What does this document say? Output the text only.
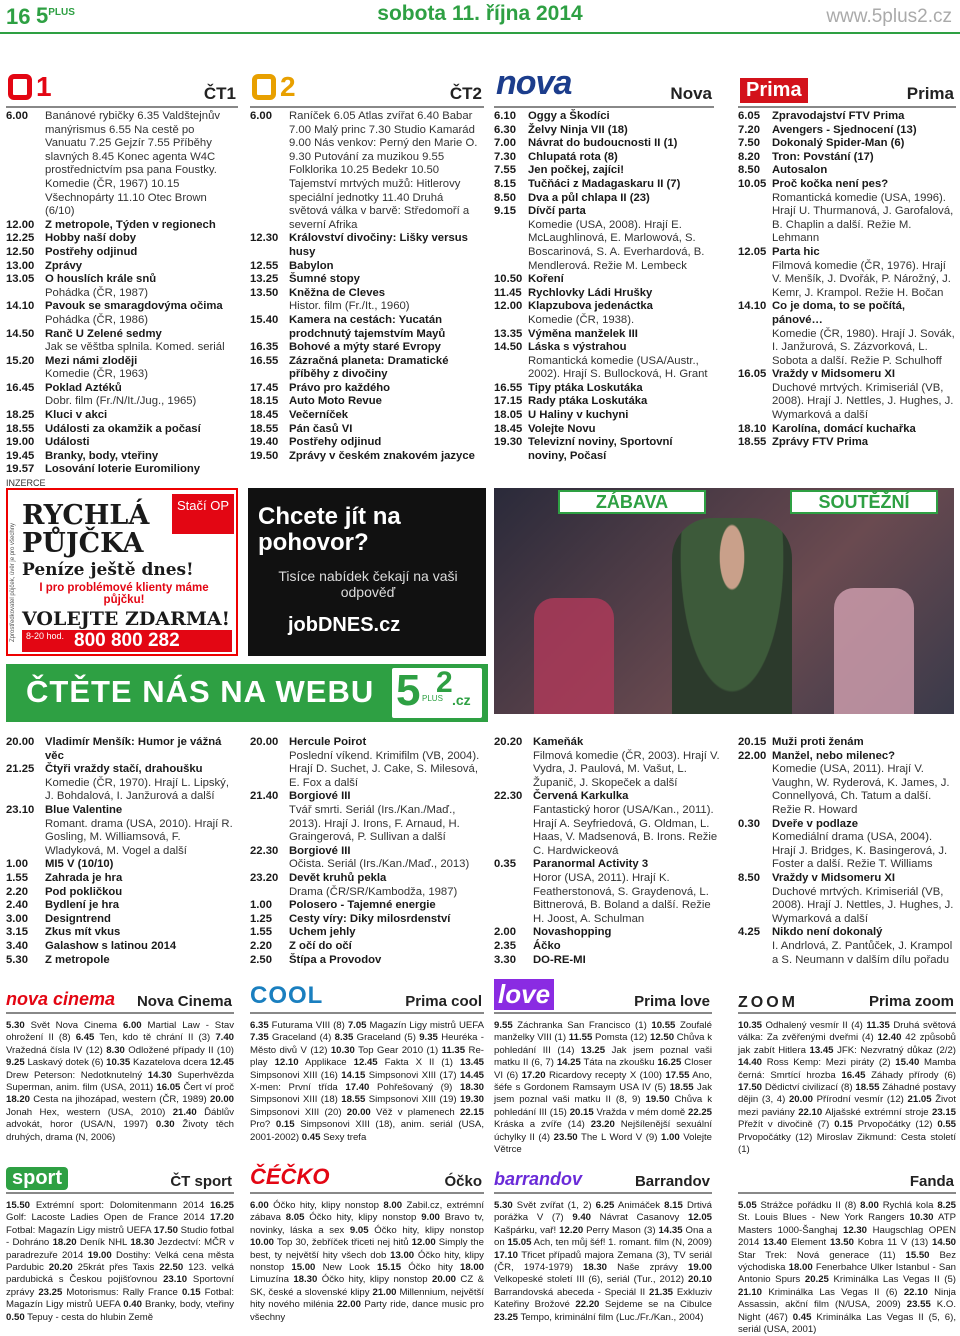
16 $5^{PLUS}$	sobota 11. října 2014	www.5plus2.cz
1	ČT1
6.00	Banánové rybičky 6.35 Valdštejnův manýrismus 6.55 Na cestě po Vanuatu 7.25 Gejzír 7.55 Příběhy slavných 8.45 Konec agenta W4C prostřednictvím psa pana Foustky. Komedie (ČR, 1967) 10.15 Všechnopárty 11.10 Otec Brown (6/10)
12.00 Z metropole, Týden v regionech
12.25 Hobby naší doby
12.50 Postřehy odjinud
13.00 Zprávy
13.05 O houslích krále snů
Pohádka (ČR, 1987)
14.10 Pavouk se smaragdovýma očima
Pohádka (ČR, 1986)
14.50 Ranč U Zelené sedmy
Jak se věštba splnila. Komed. seriál
15.20 Mezi námi zloději
Komedie (ČR, 1963)
16.45 Poklad Aztéků
Dobr. film (Fr./N/It./Jug., 1965)
18.25 Kluci v akci
18.55 Události za okamžik a počasí
19.00 Události
19.45 Branky, body, vteřiny
19.57 Losování loterie Euromiliony
2	ČT2
6.00	Raníček 6.05 Atlas zvířat 6.40 Babar 7.00 Malý princ 7.30 Studio Kamarád 9.00 Nás venkov: Perný den Marie O. 9.30 Putování za muzikou 9.55 Folklorika 10.25 Bedekr 10.50 Tajemství mrtvých mužů: Hitlerovy speciální jednotky 11.40 Druhá světová válka v barvě: Středomoří a severní Afrika
12.30 Království divočiny: Lišky versus husy
12.55 Babylon
13.25 Šumné stopy
13.50 Kněžna de Cleves
Histor. film (Fr./It., 1960)
15.40 Kamera na cestách: Yucatán prodchnutý tajemstvím Mayů
16.35 Bohové a mýty staré Evropy
16.55 Zázračná planeta: Dramatické příběhy z divočiny
17.45 Právo pro každého
18.15 Auto Moto Revue
18.45 Večerníček
18.55 Pán časů VI
19.40 Postřehy odjinud
19.50 Zprávy v českém znakovém jazyce
nova	Nova
6.10	Oggy a Škodíci
6.30	Želvy Ninja VII (18)
7.00	Návrat do budoucnosti II (1)
7.30	Chlupatá rota (8)
7.55	Jen počkej, zajíci!
8.15	Tučňáci z Madagaskaru II (7)
8.50	Dva a půl chlapa II (23)
9.15	Dívčí parta
Komedie (USA, 2008). Hrají E. McLaughlinová, E. Marlowová, S. Boscarinová, S. A. Everhardová, B. Mendlerová. Režie M. Lembeck
10.50 Koření
11.45 Rychlovky Ládi Hrušky
12.00 Klapzubova jedenáctka
Komedie (ČR, 1938).
13.35 Výměna manželek III
14.50 Láska s výstrahou
Romantická komedie (USA/Austr., 2002). Hrají S. Bullocková, H. Grant
16.55 Tipy ptáka Loskutáka
17.15 Rady ptáka Loskutáka
18.05 U Haliny v kuchyni
18.45 Volejte Novu
19.30 Televizní noviny, Sportovní noviny, Počasí
Prima	Prima
6.05	Zpravodajství FTV Prima
7.20	Avengers - Sjednocení (13)
7.50	Dokonalý Spider-Man (6)
8.20	Tron: Povstání (17)
8.50	Autosalon
10.05 Proč kočka není pes?
Romantická komedie (USA, 1996). Hrají U. Thurmanová, J. Garofalová, B. Chaplin a další. Režie M. Lehmann
12.05 Parta hic
Filmová komedie (ČR, 1976). Hrají V. Menšík, J. Dvořák, P. Nárožný, J. Kemr, J. Krampol. Režie H. Bočan
14.10 Co je doma, to se počítá, pánové…
Komedie (ČR, 1980). Hrají J. Sovák, I. Janžurová, S. Zázvorková, L. Sobota a další. Režie P. Schulhoff
16.05 Vraždy v Midsomeru XI
Duchové mrtvých. Krimiseriál (VB, 2008). Hrají J. Nettles, J. Hughes, J. Wymarková a další
18.10 Karolína, domácí kuchařka
18.55 Zprávy FTV Prima
INZERCE
Zprostředkovatel půjček, úvěr je pro všechny
RYCHLÁ
PŮJČKA
Stačí OP
Peníze ještě dnes!
I pro problémové klienty máme půjčku!
VOLEJTE ZDARMA!
8-20 hod. 800 800 282
Chcete jít na pohovor?
Tisíce nabídek čekají na vaši odpověď
jobDNES.cz
ZÁBAVA	SOUTĚŽNÍ
ČTĚTE NÁS NA WEBU 5 PLUS
2
.cz
20.00 Vladimír Menšík: Humor je vážná věc
21.25 Čtyři vraždy stačí, drahoušku
Komedie (ČR, 1970). Hrají L. Lipský, J. Bohdalová, I. Janžurová a další
23.10 Blue Valentine
Romant. drama (USA, 2010). Hrají R. Gosling, M. Williamsová, F. Wladyková, M. Vogel a další
1.00	MI5 V (10/10)
1.55	Zahrada je hra
2.20	Pod pokličkou
2.40	Bydlení je hra
3.00	Designtrend
3.15	Zkus mít vkus
3.40	Galashow s latinou 2014
5.30	Z metropole
20.00 Hercule Poirot
Poslední víkend. Krimifilm (VB, 2004). Hrají D. Suchet, J. Cake, S. Milesová, E. Fox a další
21.40 Borgiové III
Tvář smrti. Seriál (Irs./Kan./Maď., 2013). Hrají J. Irons, F. Arnaud, H. Graingerová, P. Sullivan a další
22.30 Borgiové III
Očista. Seriál (Irs./Kan./Maď., 2013)
23.20 Devět kruhů pekla
Drama (ČR/SR/Kambodža, 1987)
1.00	Polosero - Tajemné energie
1.25	Cesty víry: Diky milosrdenství
1.55	Uchem jehly
2.20	Z očí do očí
2.50	Štípa a Provodov
20.20 Kameňák
Filmová komedie (ČR, 2003). Hrají V. Vydra, J. Paulová, M. Vašut, L. Županič, J. Skopeček a další
22.30 Červená Karkulka
Fantastický horor (USA/Kan., 2011). Hrají A. Seyfriedová, G. Oldman, L. Haas, V. Madsenová, B. Irons. Režie C. Hardwickeová
0.35	Paranormal Activity 3
Horor (USA, 2011). Hrají K. Featherstonová, S. Graydenová, L. Bittnerová, B. Boland a další. Režie H. Joost, A. Schulman
2.00	Novashopping
2.35	Áčko
3.30	DO-RE-MI
20.15 Muži proti ženám
22.00 Manžel, nebo mileneс?
Komedie (USA, 2011). Hrají V. Vaughn, W. Ryderová, K. James, J. Connellyová, Ch. Tatum a další. Režie R. Howard
0.30	Dveře v podlaze
Komediální drama (USA, 2004). Hrají J. Bridges, K. Basingerová, J. Foster a další. Režie T. Williams
8.50	Vraždy v Midsomeru XI
Duchové mrtvých. Krimiseriál (VB, 2008). Hrají J. Nettles, J. Hughes, J. Wymarková a další
4.25	Nikdo není dokonalý
I. Andrlová, Z. Pantůček, J. Krampol a S. Neumann v dalším dílu pořadu
nova cinema Nova Cinema
5.30 Svět Nova Cinema 6.00 Martial Law - Stav ohrožení II (8) 6.45 Ten, kdo tě chrání II (3) 7.40 Vražedná čísla IV (12) 8.30 Odložené případy II (10) 9.25 Laskavý dotek (6) 10.35 Kazatelova dcera 12.45 Drew Peterson: Nedotknutelný 14.30 Superhvězda Superman, anim. film (USA, 2011) 16.05 Čert ví proč 18.20 Cesta na jihozápad, western (ČR, 1989) 20.00 Jonah Hex, western (USA, 2010) 21.40 Ďáblův advokát, horor (USA/N, 1997) 0.30 Životy těch druhých, drama (N, 2006)
COOL	Prima cool
6.35 Futurama VIII (8) 7.05 Magazín Ligy mistrů UEFA 7.35 Graceland (4) 8.35 Graceland (5) 9.35 Heuréka - Město divů V (12) 10.30 Top Gear 2010 (1) 11.35 Re-play 12.10 Applikace 12.45 Fakta X II (1) 13.45 Simpsonovi XIII (16) 14.15 Simpsonovi XIII (17) 14.45 X-men: První třída 17.40 Pohřešovaný (9) 18.30 Simpsonovi XIII (18) 18.55 Simpsonovi XIII (19) 19.30 Simpsonovi XIII (20) 20.00 Věž v plamenech 22.15 Pro? 0.15 Simpsonovi XIII (18), anim. seriál (USA, 2001-2002) 0.45 Sexy trefa
love	Prima love
9.55 Záchranka San Francisco (1) 10.55 Zoufalé manželky VIII (1) 11.55 Pomsta (12) 12.50 Chůva k pohledání III (14) 13.25 Jak jsem poznal vaši matku II (6, 7) 14.25 Táta na zkoušku 16.25 Closer VI (6) 17.20 Ricardovy recepty X (100) 17.55 Ano, šéfe s Gordonem Ramsaym USA IV (5) 18.55 Jak jsem poznal vaši matku II (8, 9) 19.50 Chůva k pohledání III (15) 20.15 Vražda v mém domě 22.25 Kráska a zvíře (14) 23.20 Nejšílenější sexuální úchylky II (4) 23.50 The L Word V (9) 1.00 Volejte Větrce
ZOOM	Prima zoom
10.35 Odhalený vesmír II (4) 11.35 Druhá světová válka: Za zvěřenými dveřmi (4) 12.40 42 způsobů jak zabít Hitlera 13.45 JFK: Nezvratný důkaz (2/2) 14.40 Ross Kemp: Mezi piráty (2) 15.40 Mamba černá: Smrtící hrozba 16.45 Záhady přírody (6) 17.50 Dědictví civilizací (8) 18.55 Záhadné postavy dějin (3, 4) 20.00 Přírodní vesmír (12) 21.05 Život mezi paviány 22.10 Aljašské extrémní stroje 23.15 Přežít v divočině (7) 0.15 Prvopočátky (12) 0.55 Prvopočátky (12) Miroslav Zikmund: Cesta století (1)
sport	ČT sport
15.50 Extrémní sport: Dolomitenmann 2014 16.25 Golf: Lacoste Ladies Open de France 2014 17.20 Fotbal: Magazín Ligy mistrů UEFA 17.50 Studio fotbal - Dohráno 18.20 Deník NHL 18.30 Jezdectví: MČR v paradrezuře 2014 19.00 Dostihy: Velká cena města Pardubic 20.20 25krát přes Taxis 22.50 123. velká pardubická s Českou pojišťovnou 23.10 Sportovní zprávy 23.25 Motorismus: Rally France 0.15 Fotbal: Magazín Ligy mistrů UEFA 0.40 Branky, body, vteřiny 0.50 Tepuy - cesta do hlubin Země
ČÉČKO	Óčko
6.00 Óčko hity, klipy nonstop 8.00 Zabil.cz, extrémní zábava 8.05 Óčko hity, klipy nonstop 9.00 Bravo tv, novinky, láska a sex 9.05 Óčko hity, klipy nonstop 10.00 Top 30, žebříček třiceti nej hitů 12.00 Simply the best, ty největší hity všech dob 13.00 Óčko hity, klipy nonstop 15.00 New Look 15.15 Óčko hity 18.00 Limuzína 18.30 Óčko hity, klipy nonstop 20.00 CZ & SK, české a slovenské klipy 21.00 Millennium, největší hity nového milénia 22.00 Party ride, dance music pro všechny
barrandov	Barrandov
5.30 Svět zvířat (1, 2) 6.25 Animáček 8.15 Drtivá porážka V (7) 9.40 Návrat Casanovy 12.05 Kašpárku, vař! 12.20 Perry Mason (3) 14.35 Ona a on 15.05 Ach, ten můj šéf! 1. romant. film (N, 2009) 17.10 Třicet případů majora Zemana (3), TV seriál (ČR, 1974-1979) 18.30 Naše zprávy 19.00 Velkopeské století III (6), seriál (Tur., 2012) 20.10 Barrandovská abeceda - Speciál II 21.35 Exkluziv Kateřiny Brožové 22.20 Sejdeme se na Cibulce 23.25 Tempo, kriminální film (Luc./Fr./Kan., 2004)
Fanda
5.05 Strážce pořádku II (8) 8.00 Rychlá kola 8.25 St. Louis Blues - New York Rangers 10.30 ATP Masters 1000-Šanghaj 12.30 Haugschlag OPEN 2014 13.40 Element 13.50 Kobra 11 V (13) 14.50 Star Trek: Nová generace (11) 15.50 Bez východiska 18.00 Fenerbahce Ulker Istanbul - San Antonio Spurs 20.25 Kriminálka Las Vegas II (5) 21.10 Kriminálka Las Vegas II (6) 22.10 Ninja Assassin, akční film (N/USA, 2009) 23.55 K.O. Night (467) 0.45 Kriminálka Las Vegas II (5, 6), seriál (USA, 2001)
